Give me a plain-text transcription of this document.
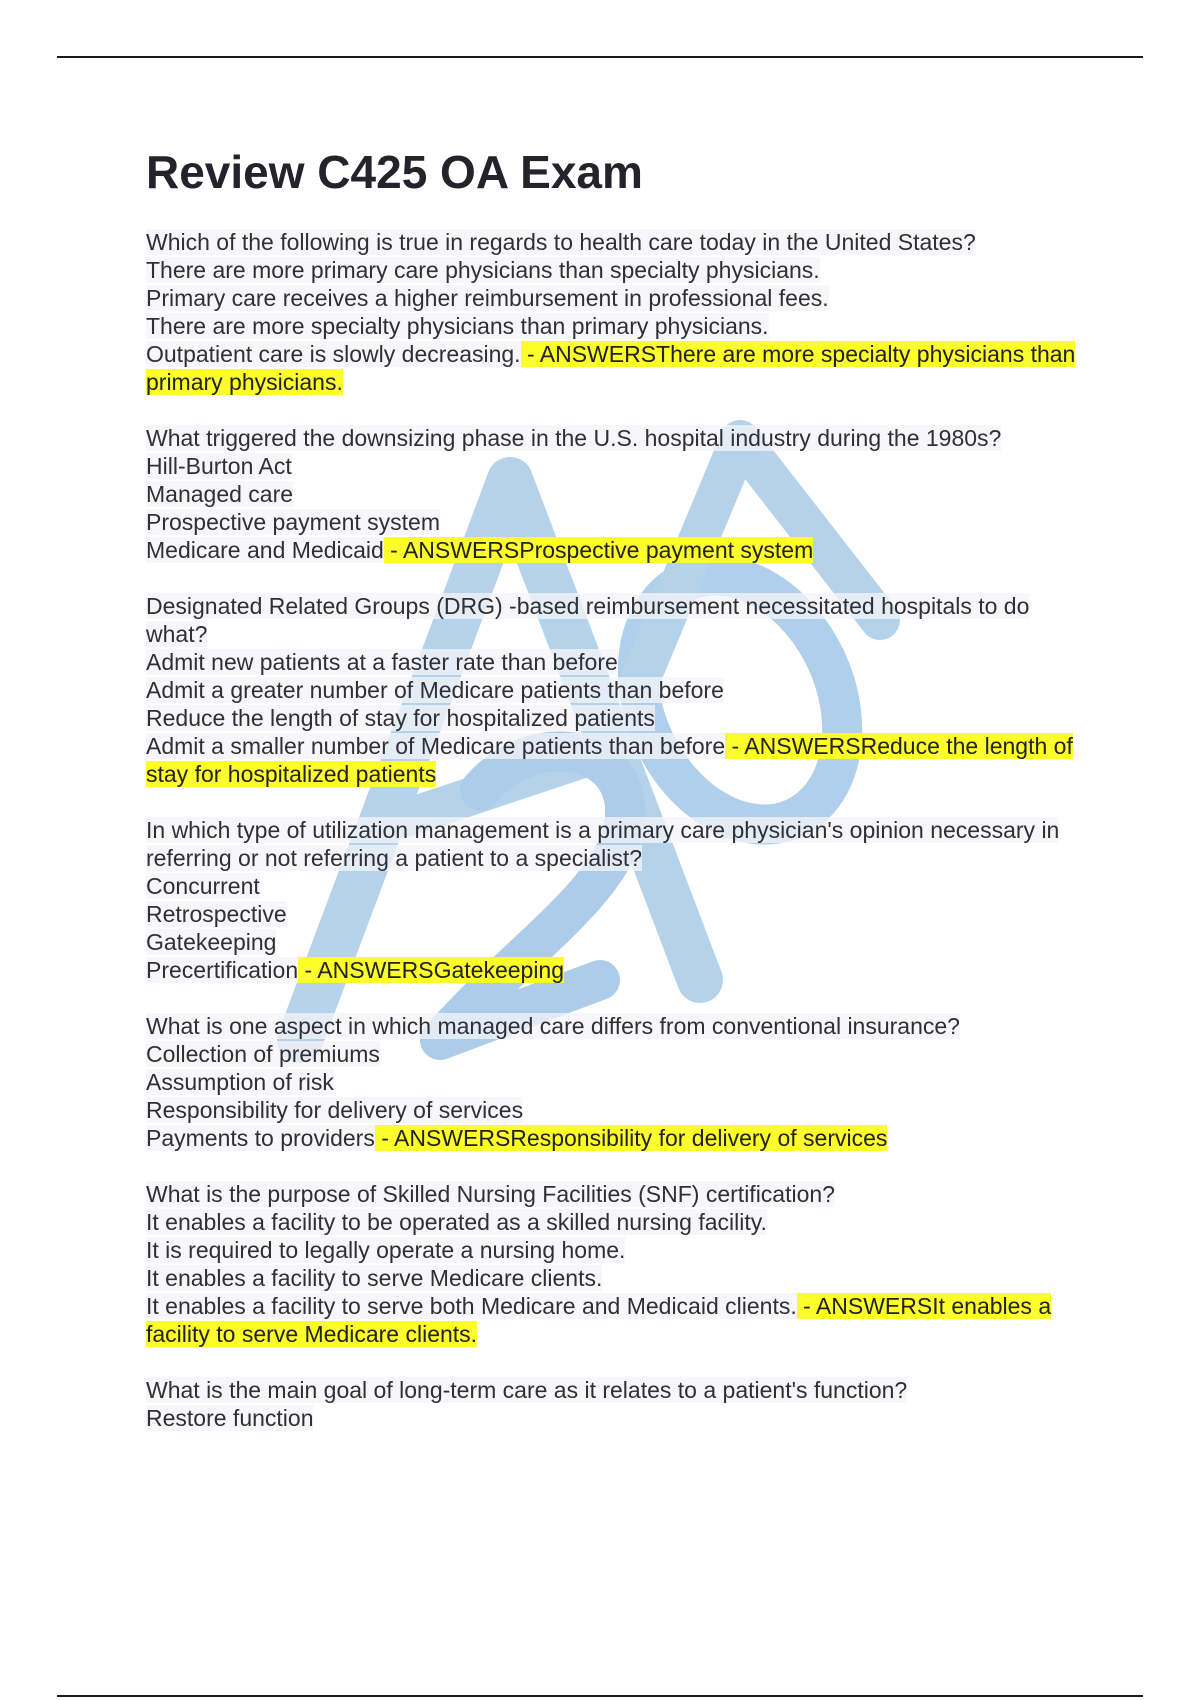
Review C425 OA Exam
Which of the following is true in regards to health care today in the United States?
There are more primary care physicians than specialty physicians.
Primary care receives a higher reimbursement in professional fees.
There are more specialty physicians than primary physicians.
Outpatient care is slowly decreasing. - ANSWERSThere are more specialty physicians than primary physicians.
What triggered the downsizing phase in the U.S. hospital industry during the 1980s?
Hill-Burton Act
Managed care
Prospective payment system
Medicare and Medicaid - ANSWERSProspective payment system
Designated Related Groups (DRG) -based reimbursement necessitated hospitals to do what?
Admit new patients at a faster rate than before
Admit a greater number of Medicare patients than before
Reduce the length of stay for hospitalized patients
Admit a smaller number of Medicare patients than before - ANSWERSReduce the length of stay for hospitalized patients
In which type of utilization management is a primary care physician's opinion necessary in referring or not referring a patient to a specialist?
Concurrent
Retrospective
Gatekeeping
Precertification - ANSWERSGatekeeping
What is one aspect in which managed care differs from conventional insurance?
Collection of premiums
Assumption of risk
Responsibility for delivery of services
Payments to providers - ANSWERSResponsibility for delivery of services
What is the purpose of Skilled Nursing Facilities (SNF) certification?
It enables a facility to be operated as a skilled nursing facility.
It is required to legally operate a nursing home.
It enables a facility to serve Medicare clients.
It enables a facility to serve both Medicare and Medicaid clients. - ANSWERSIt enables a facility to serve Medicare clients.
What is the main goal of long-term care as it relates to a patient's function?
Restore function
